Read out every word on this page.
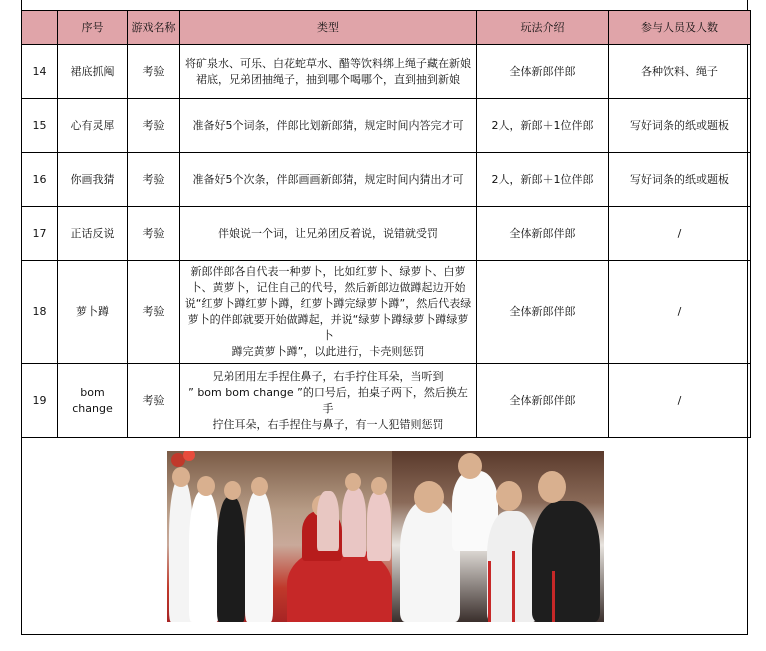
	序号	游戏名称	类型	玩法介绍	参与人员及人数
14	裙底抓阄	考验	将矿泉水、可乐、白花蛇草水、醋等饮料绑上绳子藏在新娘
裙底，兄弟团抽绳子，抽到哪个喝哪个，直到抽到新娘	全体新郎伴郎	各种饮料、绳子
15	心有灵犀	考验	准备好5个词条，伴郎比划新郎猜，规定时间内答完才可	2人，新郎＋1位伴郎	写好词条的纸或题板
16	你画我猜	考验	准备好5个次条，伴郎画画新郎猜，规定时间内猜出才可	2人，新郎＋1位伴郎	写好词条的纸或题板
17	正话反说	考验	伴娘说一个词，让兄弟团反着说，说错就受罚	全体新郎伴郎	/
18	萝卜蹲	考验	新郎伴郎各自代表一种萝卜，比如红萝卜、绿萝卜、白萝
卜、黄萝卜，记住自己的代号，然后新郎边做蹲起边开始
说“红萝卜蹲红萝卜蹲，红萝卜蹲完绿萝卜蹲”，然后代表绿
萝卜的伴郎就要开始做蹲起，并说“绿萝卜蹲绿萝卜蹲绿萝卜
蹲完黄萝卜蹲”，以此进行，卡壳则惩罚	全体新郎伴郎	/
19	bom change	考验	兄弟团用左手捏住鼻子，右手拧住耳朵，当听到
” bom bom change ”的口号后，拍桌子两下，然后换左手
拧住耳朵，右手捏住与鼻子，有一人犯错则惩罚	全体新郎伴郎	/
